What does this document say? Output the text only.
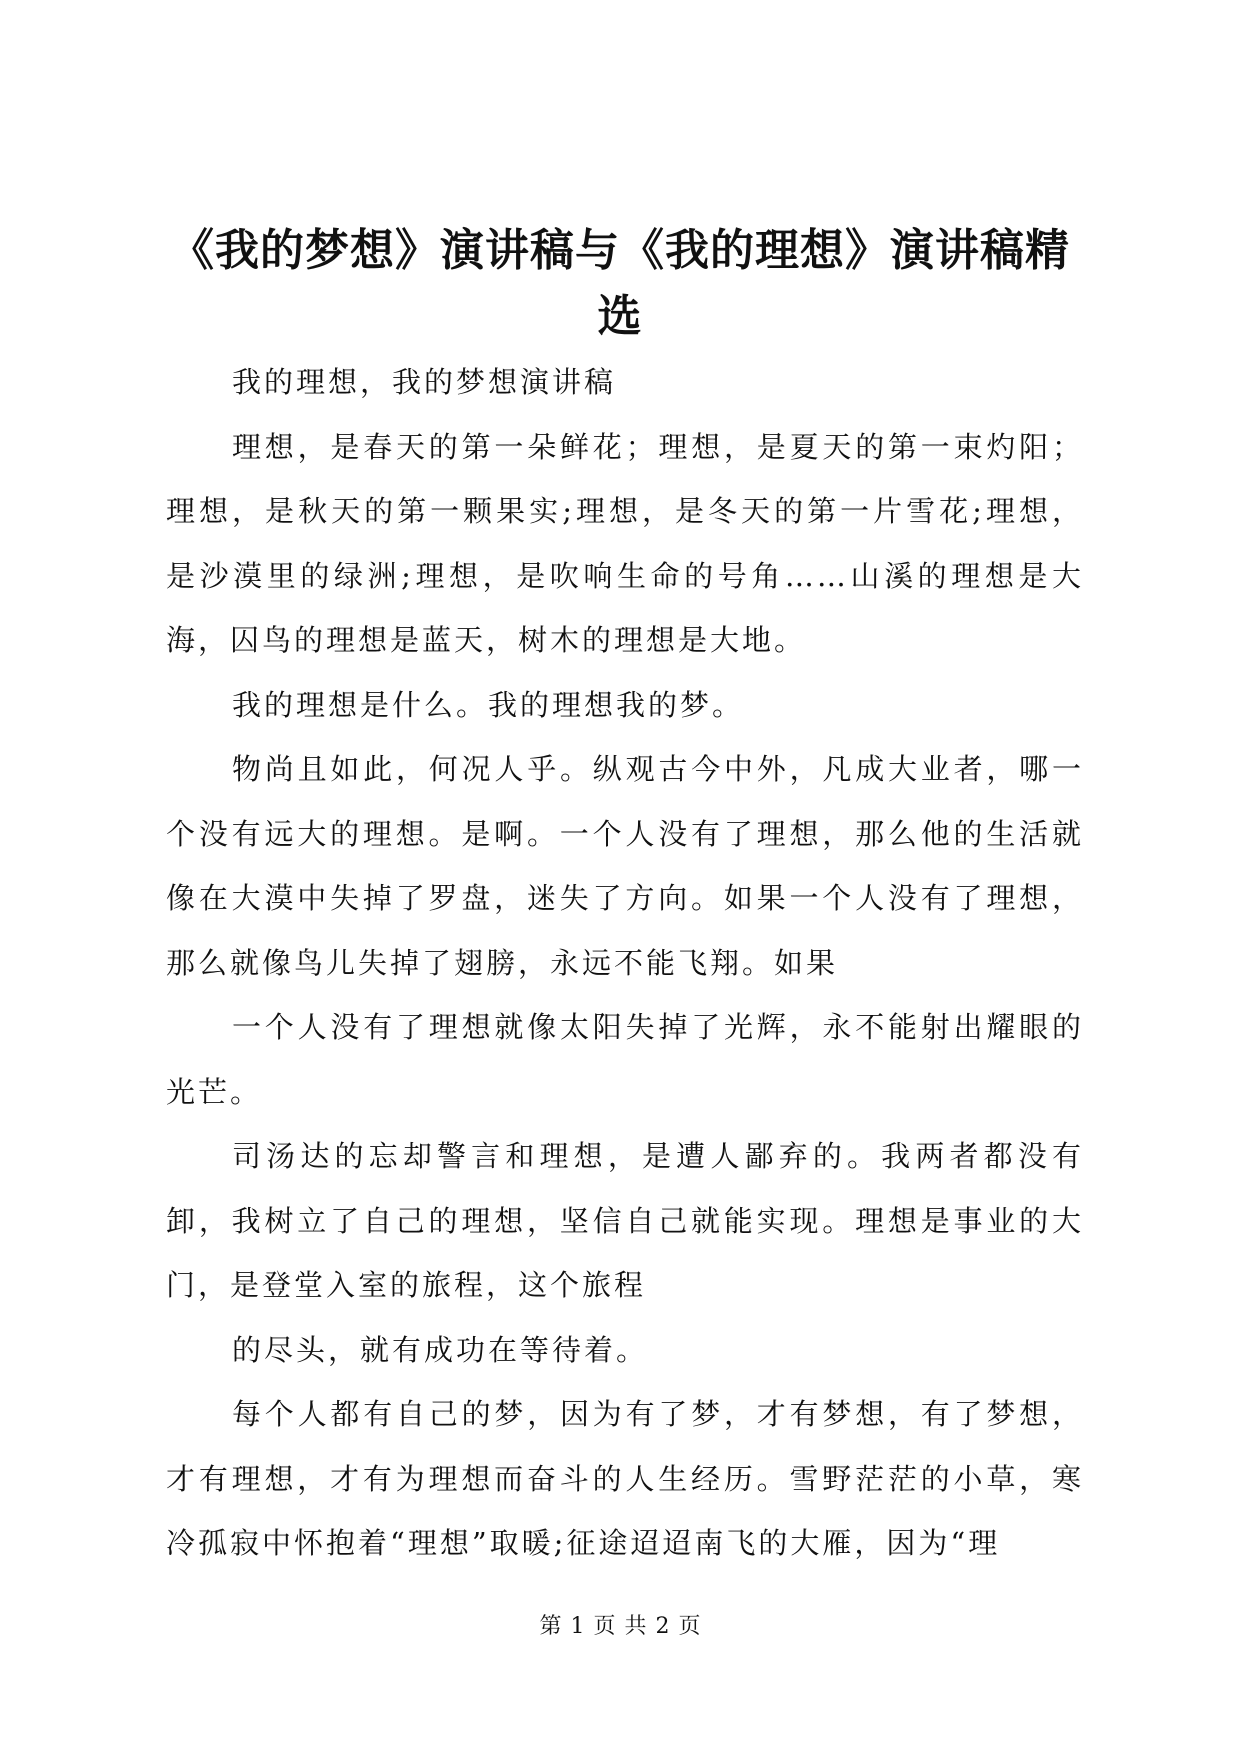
《我的梦想》演讲稿与《我的理想》演讲稿精选

我的理想，我的梦想演讲稿

理想，是春天的第一朵鲜花；理想，是夏天的第一束灼阳；理想，是秋天的第一颗果实;理想，是冬天的第一片雪花;理想，是沙漠里的绿洲;理想，是吹响生命的号角……山溪的理想是大海，囚鸟的理想是蓝天，树木的理想是大地。

我的理想是什么。我的理想我的梦。

物尚且如此，何况人乎。纵观古今中外，凡成大业者，哪一个没有远大的理想。是啊。一个人没有了理想，那么他的生活就像在大漠中失掉了罗盘，迷失了方向。如果一个人没有了理想，那么就像鸟儿失掉了翅膀，永远不能飞翔。如果

一个人没有了理想就像太阳失掉了光辉，永不能射出耀眼的光芒。

司汤达的忘却警言和理想，是遭人鄙弃的。我两者都没有卸，我树立了自己的理想，坚信自己就能实现。理想是事业的大门，是登堂入室的旅程，这个旅程

的尽头，就有成功在等待着。

每个人都有自己的梦，因为有了梦，才有梦想，有了梦想，才有理想，才有为理想而奋斗的人生经历。雪野茫茫的小草，寒冷孤寂中怀抱着“理想”取暖;征途迢迢南飞的大雁，因为“理

第 1 页 共 2 页
